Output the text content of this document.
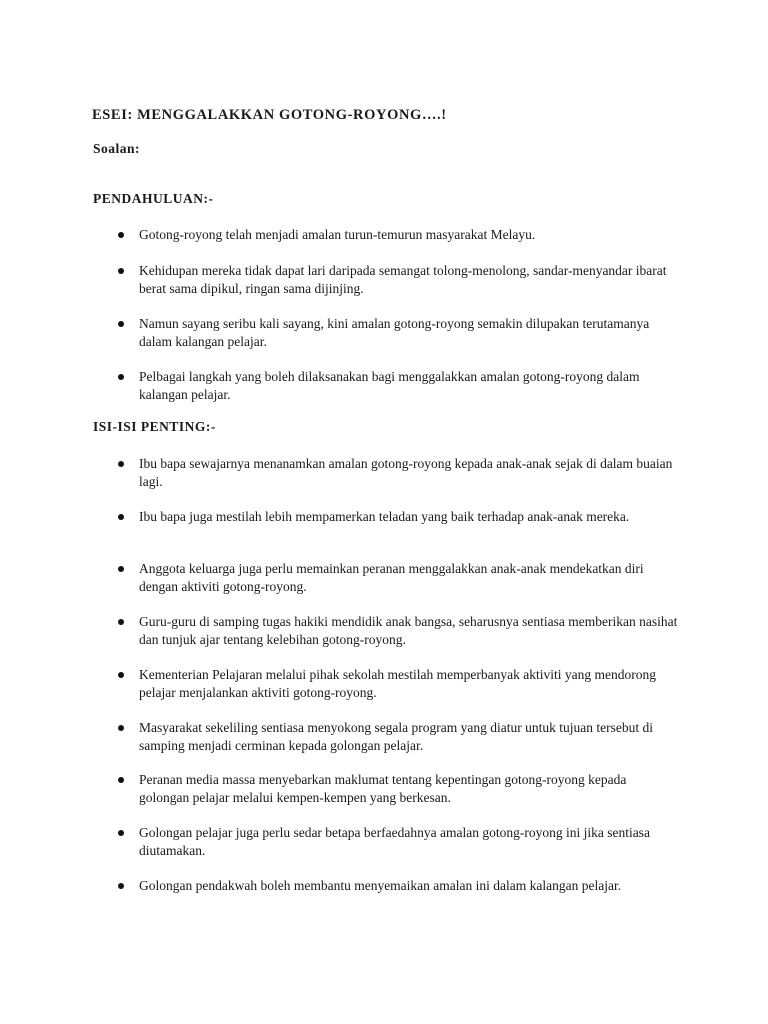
ESEI: MENGGALAKKAN GOTONG-ROYONG….!

Soalan:

PENDAHULUAN:-

Gotong-royong telah menjadi amalan turun-temurun masyarakat Melayu.
Kehidupan mereka tidak dapat lari daripada semangat tolong-menolong, sandar-menyandar ibarat berat sama dipikul, ringan sama dijinjing.
Namun sayang seribu kali sayang, kini amalan gotong-royong semakin dilupakan terutamanya dalam kalangan pelajar.
Pelbagai langkah yang boleh dilaksanakan bagi menggalakkan amalan gotong-royong dalam kalangan pelajar.

ISI-ISI PENTING:-

Ibu bapa sewajarnya menanamkan amalan gotong-royong kepada anak-anak sejak di dalam buaian lagi.
Ibu bapa juga mestilah lebih mempamerkan teladan yang baik terhadap anak-anak mereka.
Anggota keluarga juga perlu memainkan peranan menggalakkan anak-anak mendekatkan diri dengan aktiviti gotong-royong.
Guru-guru di samping tugas hakiki mendidik anak bangsa, seharusnya sentiasa memberikan nasihat dan tunjuk ajar tentang kelebihan gotong-royong.
Kementerian Pelajaran melalui pihak sekolah mestilah memperbanyak aktiviti yang mendorong pelajar menjalankan aktiviti gotong-royong.
Masyarakat sekeliling sentiasa menyokong segala program yang diatur untuk tujuan tersebut di samping menjadi cerminan kepada golongan pelajar.
Peranan media massa menyebarkan maklumat tentang kepentingan gotong-royong kepada golongan pelajar melalui kempen-kempen yang berkesan.
Golongan pelajar juga perlu sedar betapa berfaedahnya amalan gotong-royong ini jika sentiasa diutamakan.
Golongan pendakwah boleh membantu menyemaikan amalan ini dalam kalangan pelajar.
